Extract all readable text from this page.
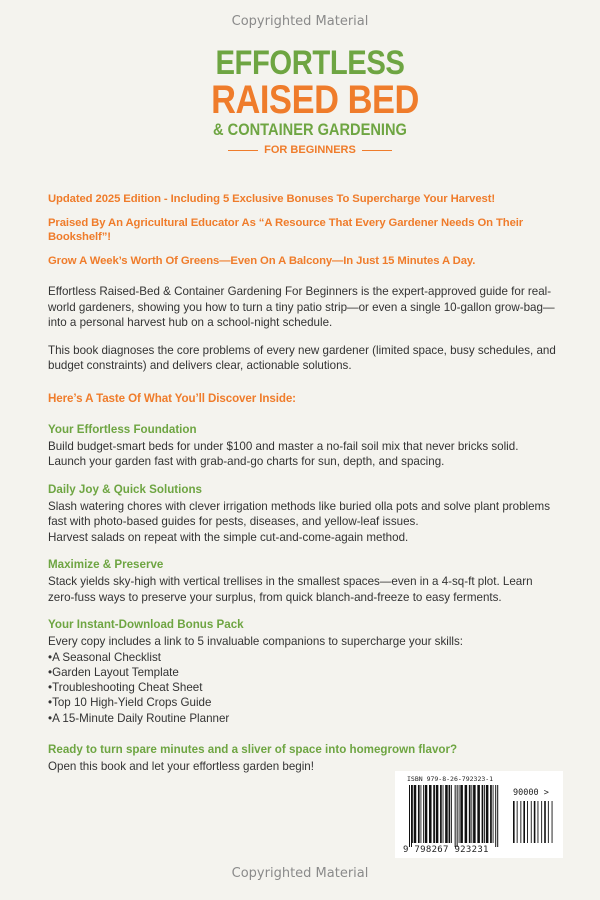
Copyrighted Material
EFFORTLESS
RAISED BED
& CONTAINER GARDENING
FOR BEGINNERS

Updated 2025 Edition - Including 5 Exclusive Bonuses To Supercharge Your Harvest!

Praised By An Agricultural Educator As “A Resource That Every Gardener Needs On Their Bookshelf”!

Grow A Week’s Worth Of Greens—Even On A Balcony—In Just 15 Minutes A Day.

Effortless Raised-Bed & Container Gardening For Beginners is the expert-approved guide for real-world gardeners, showing you how to turn a tiny patio strip—or even a single 10-gallon grow-bag—into a personal harvest hub on a school-night schedule.

This book diagnoses the core problems of every new gardener (limited space, busy schedules, and budget constraints) and delivers clear, actionable solutions.

Here’s A Taste Of What You’ll Discover Inside:

Your Effortless Foundation

Build budget-smart beds for under $100 and master a no-fail soil mix that never bricks solid. Launch your garden fast with grab-and-go charts for sun, depth, and spacing.

Daily Joy & Quick Solutions

Slash watering chores with clever irrigation methods like buried olla pots and solve plant problems fast with photo-based guides for pests, diseases, and yellow-leaf issues.

Harvest salads on repeat with the simple cut-and-come-again method.

Maximize & Preserve

Stack yields sky-high with vertical trellises in the smallest spaces—even in a 4-sq-ft plot. Learn zero-fuss ways to preserve your surplus, from quick blanch-and-freeze to easy ferments.

Your Instant-Download Bonus Pack

Every copy includes a link to 5 invaluable companions to supercharge your skills:

• A Seasonal Checklist
• Garden Layout Template
• Troubleshooting Cheat Sheet
• Top 10 High-Yield Crops Guide
• A 15-Minute Daily Routine Planner
Ready to turn spare minutes and a sliver of space into homegrown flavor?

Open this book and let your effortless garden begin!

ISBN 979-8-26-792323-1
90000 >
9 798267 923231
Copyrighted Material
